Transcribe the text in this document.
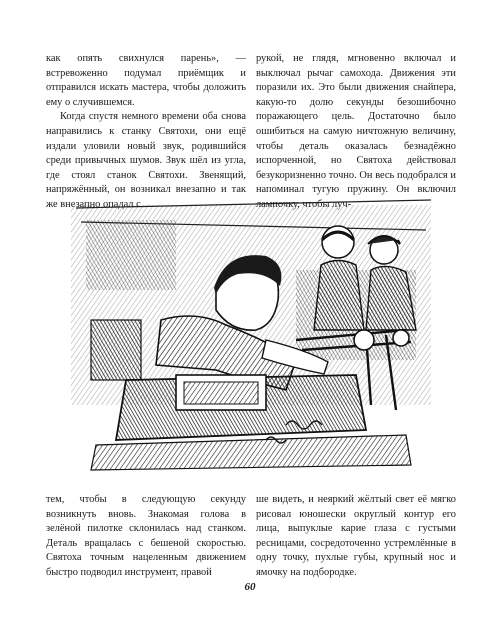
как опять свихнулся парень», — встревоженно подумал приёмщик и отправился искать мастера, чтобы доложить ему о случившемся.

Когда спустя немного времени оба снова направились к станку Святохи, они ещё издали уловили новый звук, родившийся среди привычных шумов. Звук шёл из угла, где стоял станок Святохи. Звенящий, напряжённый, он возникал внезапно и так же внезапно опадал с

рукой, не глядя, мгновенно включал и выключал рычаг самохода. Движения эти поразили их. Это были движения снайпера, какую-то долю секунды безошибочно поражающего цель. Достаточно было ошибиться на самую ничтожную величину, чтобы деталь оказалась безнадёжно испорченной, но Святоха действовал безукоризненно точно. Он весь подобрался и напоминал тугую пружину. Он включил лампочку, чтобы луч-

тем, чтобы в следующую секунду возникнуть вновь. Знакомая голова в зелёной пилотке склонилась над станком. Деталь вращалась с бешеной скоростью. Святоха точным нацеленным движением быстро подводил инструмент, правой

ше видеть, и неяркий жёлтый свет её мягко рисовал юношески округлый контур его лица, выпуклые карие глаза с густыми ресницами, сосредоточенно устремлённые в одну точку, пухлые губы, крупный нос и ямочку на подбородке.

60
